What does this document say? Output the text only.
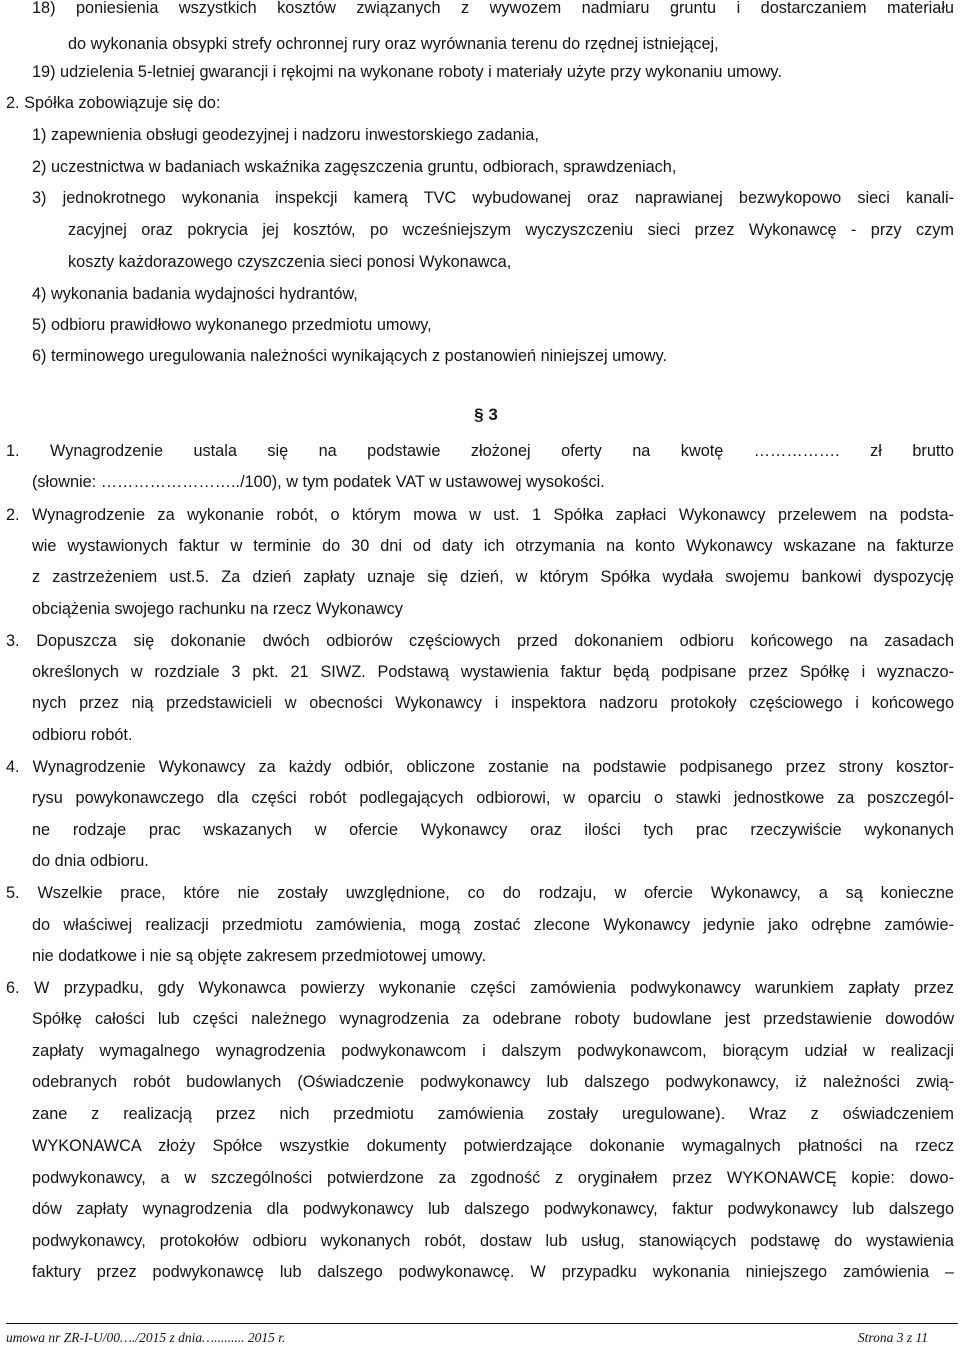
18) poniesienia wszystkich kosztów związanych z wywozem nadmiaru gruntu i dostarczaniem materiału
do wykonania obsypki strefy ochronnej rury oraz wyrównania terenu do rzędnej istniejącej,
19) udzielenia 5-letniej gwarancji i rękojmi na wykonane roboty i materiały użyte przy wykonaniu umowy.
2. Spółka zobowiązuje się do:
1) zapewnienia obsługi geodezyjnej i nadzoru inwestorskiego zadania,
2) uczestnictwa w badaniach wskaźnika zagęszczenia gruntu, odbiorach, sprawdzeniach,
3) jednokrotnego wykonania inspekcji kamerą TVC wybudowanej oraz naprawianej bezwykopowo sieci kanali-
zacyjnej oraz pokrycia jej kosztów, po wcześniejszym wyczyszczeniu sieci przez Wykonawcę - przy czym
koszty każdorazowego czyszczenia sieci ponosi Wykonawca,
4) wykonania badania wydajności hydrantów,
5) odbioru prawidłowo wykonanego przedmiotu umowy,
6) terminowego uregulowania należności wynikających z postanowień niniejszej umowy.
§ 3
1. Wynagrodzenie ustala się na podstawie złożonej oferty na kwotę ……………. zł brutto
(słownie: ……………………../100), w tym podatek VAT w ustawowej wysokości.
2. Wynagrodzenie za wykonanie robót, o którym mowa w ust. 1 Spółka zapłaci Wykonawcy przelewem na podsta-
wie wystawionych faktur w terminie do 30 dni od daty ich otrzymania na konto Wykonawcy wskazane na fakturze
z zastrzeżeniem ust.5. Za dzień zapłaty uznaje się dzień, w którym Spółka wydała swojemu bankowi dyspozycję
obciążenia swojego rachunku na rzecz Wykonawcy
3. Dopuszcza się dokonanie dwóch odbiorów częściowych przed dokonaniem odbioru końcowego na zasadach
określonych w rozdziale 3 pkt. 21 SIWZ. Podstawą wystawienia faktur będą podpisane przez Spółkę i wyznaczo-
nych przez nią przedstawicieli w obecności Wykonawcy i inspektora nadzoru protokoły częściowego i końcowego
odbioru robót.
4. Wynagrodzenie Wykonawcy za każdy odbiór, obliczone zostanie na podstawie podpisanego przez strony kosztor-
rysu powykonawczego dla części robót podlegających odbiorowi, w oparciu o stawki jednostkowe za poszczegól-
ne rodzaje prac wskazanych w ofercie Wykonawcy oraz ilości tych prac rzeczywiście wykonanych
do dnia odbioru.
5. Wszelkie prace, które nie zostały uwzględnione, co do rodzaju, w ofercie Wykonawcy, a są konieczne
do właściwej realizacji przedmiotu zamówienia, mogą zostać zlecone Wykonawcy jedynie jako odrębne zamówie-
nie dodatkowe i nie są objęte zakresem przedmiotowej umowy.
6. W przypadku, gdy Wykonawca powierzy wykonanie części zamówienia podwykonawcy warunkiem zapłaty przez
Spółkę całości lub części należnego wynagrodzenia za odebrane roboty budowlane jest przedstawienie dowodów
zapłaty wymagalnego wynagrodzenia podwykonawcom i dalszym podwykonawcom, biorącym udział w realizacji
odebranych robót budowlanych (Oświadczenie podwykonawcy lub dalszego podwykonawcy, iż należności zwią-
zane z realizacją przez nich przedmiotu zamówienia zostały uregulowane). Wraz z oświadczeniem
WYKONAWCA złoży Spółce wszystkie dokumenty potwierdzające dokonanie wymagalnych płatności na rzecz
podwykonawcy, a w szczególności potwierdzone za zgodność z oryginałem przez WYKONAWCĘ kopie: dowo-
dów zapłaty wynagrodzenia dla podwykonawcy lub dalszego podwykonawcy, faktur podwykonawcy lub dalszego
podwykonawcy, protokołów odbioru wykonanych robót, dostaw lub usług, stanowiących podstawę do wystawienia
faktury przez podwykonawcę lub dalszego podwykonawcę. W przypadku wykonania niniejszego zamówienia –
umowa nr ZR-I-U/00…./2015 z dnia…......... 2015 r.	Strona 3 z 11
